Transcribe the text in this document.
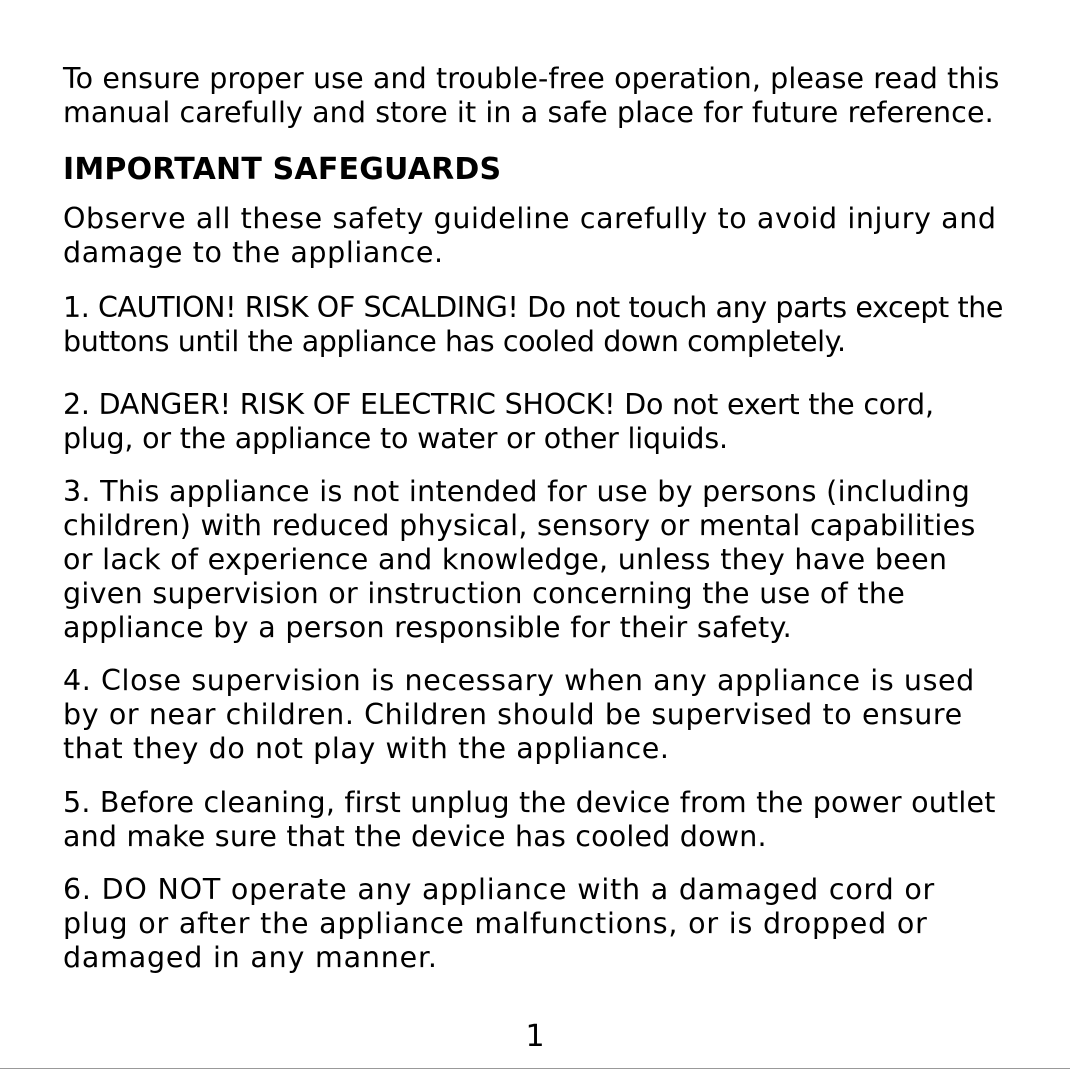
To ensure proper use and trouble-free operation, please read this manual carefully and store it in a safe place for future reference.

IMPORTANT SAFEGUARDS

Observe all these safety guideline carefully to avoid injury and damage to the appliance.

1. CAUTION! RISK OF SCALDING! Do not touch any parts except the buttons until the appliance has cooled down completely.

2. DANGER! RISK OF ELECTRIC SHOCK! Do not exert the cord, plug, or the appliance to water or other liquids.

3. This appliance is not intended for use by persons (including children) with reduced physical, sensory or mental capabilities or lack of experience and knowledge, unless they have been given supervision or instruction concerning the use of the appliance by a person responsible for their safety.

4. Close supervision is necessary when any appliance is used by or near children. Children should be supervised to ensure that they do not play with the appliance.

5. Before cleaning, first unplug the device from the power outlet and make sure that the device has cooled down.

6. DO NOT operate any appliance with a damaged cord or plug or after the appliance malfunctions, or is dropped or damaged in any manner.

1
